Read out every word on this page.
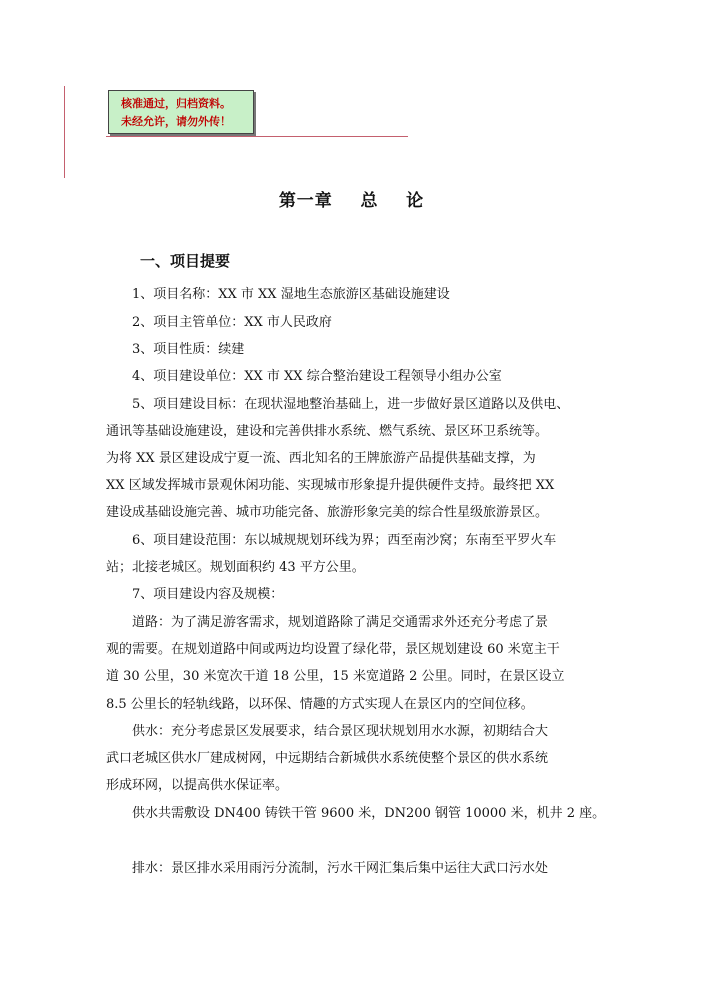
核准通过，归档资料。
未经允许，请勿外传！
第一章    总    论
一、项目提要
1、项目名称：XX 市 XX 湿地生态旅游区基础设施建设
2、项目主管单位：XX 市人民政府
3、项目性质：续建
4、项目建设单位：XX 市 XX 综合整治建设工程领导小组办公室
5、项目建设目标：在现状湿地整治基础上，进一步做好景区道路以及供电、
通讯等基础设施建设，建设和完善供排水系统、燃气系统、景区环卫系统等。
为将 XX 景区建设成宁夏一流、西北知名的王牌旅游产品提供基础支撑，为
XX 区域发挥城市景观休闲功能、实现城市形象提升提供硬件支持。最终把 XX
建设成基础设施完善、城市功能完备、旅游形象完美的综合性星级旅游景区。
6、项目建设范围：东以城规规划环线为界；西至南沙窝；东南至平罗火车
站；北接老城区。规划面积约 43 平方公里。
7、项目建设内容及规模：
道路：为了满足游客需求，规划道路除了满足交通需求外还充分考虑了景
观的需要。在规划道路中间或两边均设置了绿化带，景区规划建设 60 米宽主干
道 30 公里，30 米宽次干道 18 公里，15 米宽道路 2 公里。同时，在景区设立
8.5 公里长的轻轨线路，以环保、情趣的方式实现人在景区内的空间位移。
供水：充分考虑景区发展要求，结合景区现状规划用水水源，初期结合大
武口老城区供水厂建成树网，中远期结合新城供水系统使整个景区的供水系统
形成环网，以提高供水保证率。
供水共需敷设 DN400 铸铁干管 9600 米，DN200 钢管 10000 米，机井 2 座。
排水：景区排水采用雨污分流制，污水干网汇集后集中运往大武口污水处
